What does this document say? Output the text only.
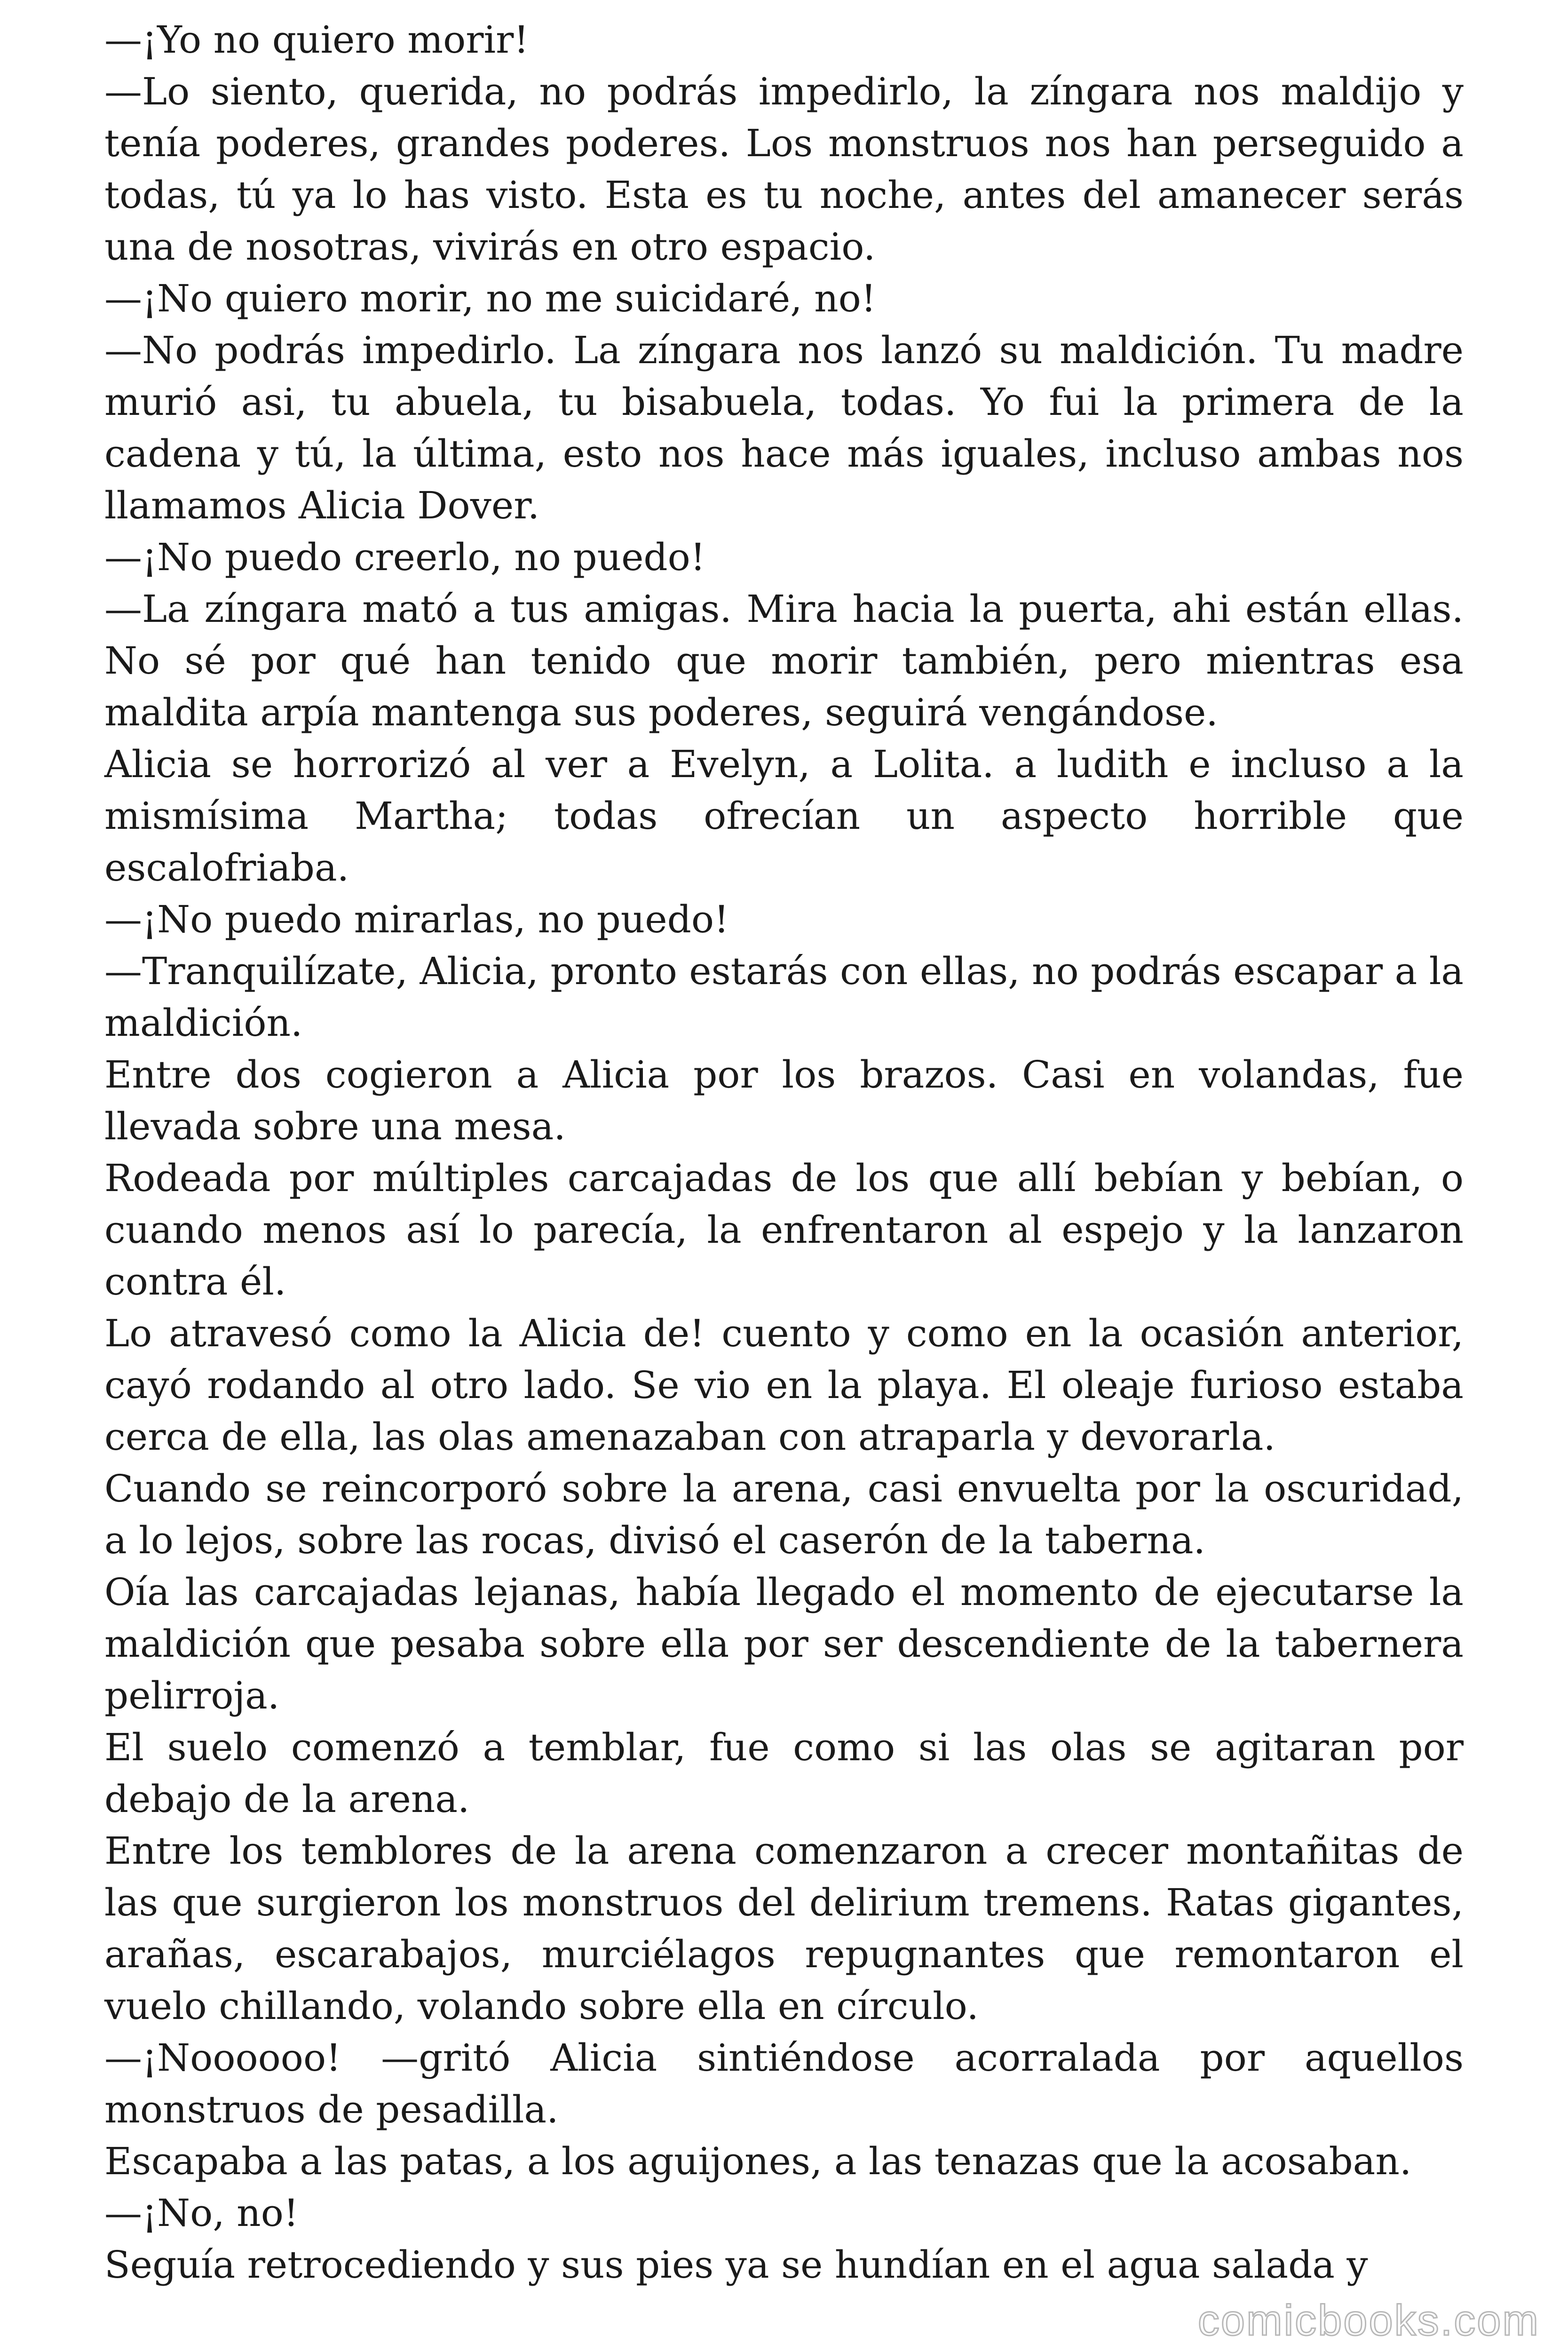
—¡Yo no quiero morir!

—Lo siento, querida, no podrás impedirlo, la zíngara nos maldijo y tenía poderes, grandes poderes. Los monstruos nos han perseguido a todas, tú ya lo has visto. Esta es tu noche, antes del amanecer serás una de nosotras, vivirás en otro espacio.

—¡No quiero morir, no me suicidaré, no!

—No podrás impedirlo. La zíngara nos lanzó su maldición. Tu madre murió asi, tu abuela, tu bisabuela, todas. Yo fui la primera de la cadena y tú, la última, esto nos hace más iguales, incluso ambas nos llamamos Alicia Dover.

—¡No puedo creerlo, no puedo!

—La zíngara mató a tus amigas. Mira hacia la puerta, ahi están ellas. No sé por qué han tenido que morir también, pero mientras esa maldita arpía mantenga sus poderes, seguirá vengándose.

Alicia se horrorizó al ver a Evelyn, a Lolita. a ludith e incluso a la mismísima Martha; todas ofrecían un aspecto horrible que escalofriaba.

—¡No puedo mirarlas, no puedo!

—Tranquilízate, Alicia, pronto estarás con ellas, no podrás escapar a la maldición.

Entre dos cogieron a Alicia por los brazos. Casi en volandas, fue llevada sobre una mesa.

Rodeada por múltiples carcajadas de los que allí bebían y bebían, o cuando menos así lo parecía, la enfrentaron al espejo y la lanzaron contra él.

Lo atravesó como la Alicia de! cuento y como en la ocasión anterior, cayó rodando al otro lado. Se vio en la playa. El oleaje furioso estaba cerca de ella, las olas amenazaban con atraparla y devorarla.

Cuando se reincorporó sobre la arena, casi envuelta por la oscuridad, a lo lejos, sobre las rocas, divisó el caserón de la taberna.

Oía las carcajadas lejanas, había llegado el momento de ejecutarse la maldición que pesaba sobre ella por ser descendiente de la tabernera pelirroja.

El suelo comenzó a temblar, fue como si las olas se agitaran por debajo de la arena.

Entre los temblores de la arena comenzaron a crecer montañitas de las que surgieron los monstruos del delirium tremens. Ratas gigantes, arañas, escarabajos, murciélagos repugnantes que remontaron el vuelo chillando, volando sobre ella en círculo.

—¡Noooooo! —gritó Alicia sintiéndose acorralada por aquellos monstruos de pesadilla.

Escapaba a las patas, a los aguijones, a las tenazas que la acosaban.

—¡No, no!

Seguía retrocediendo y sus pies ya se hundían en el agua salada y

comicbooks.com
